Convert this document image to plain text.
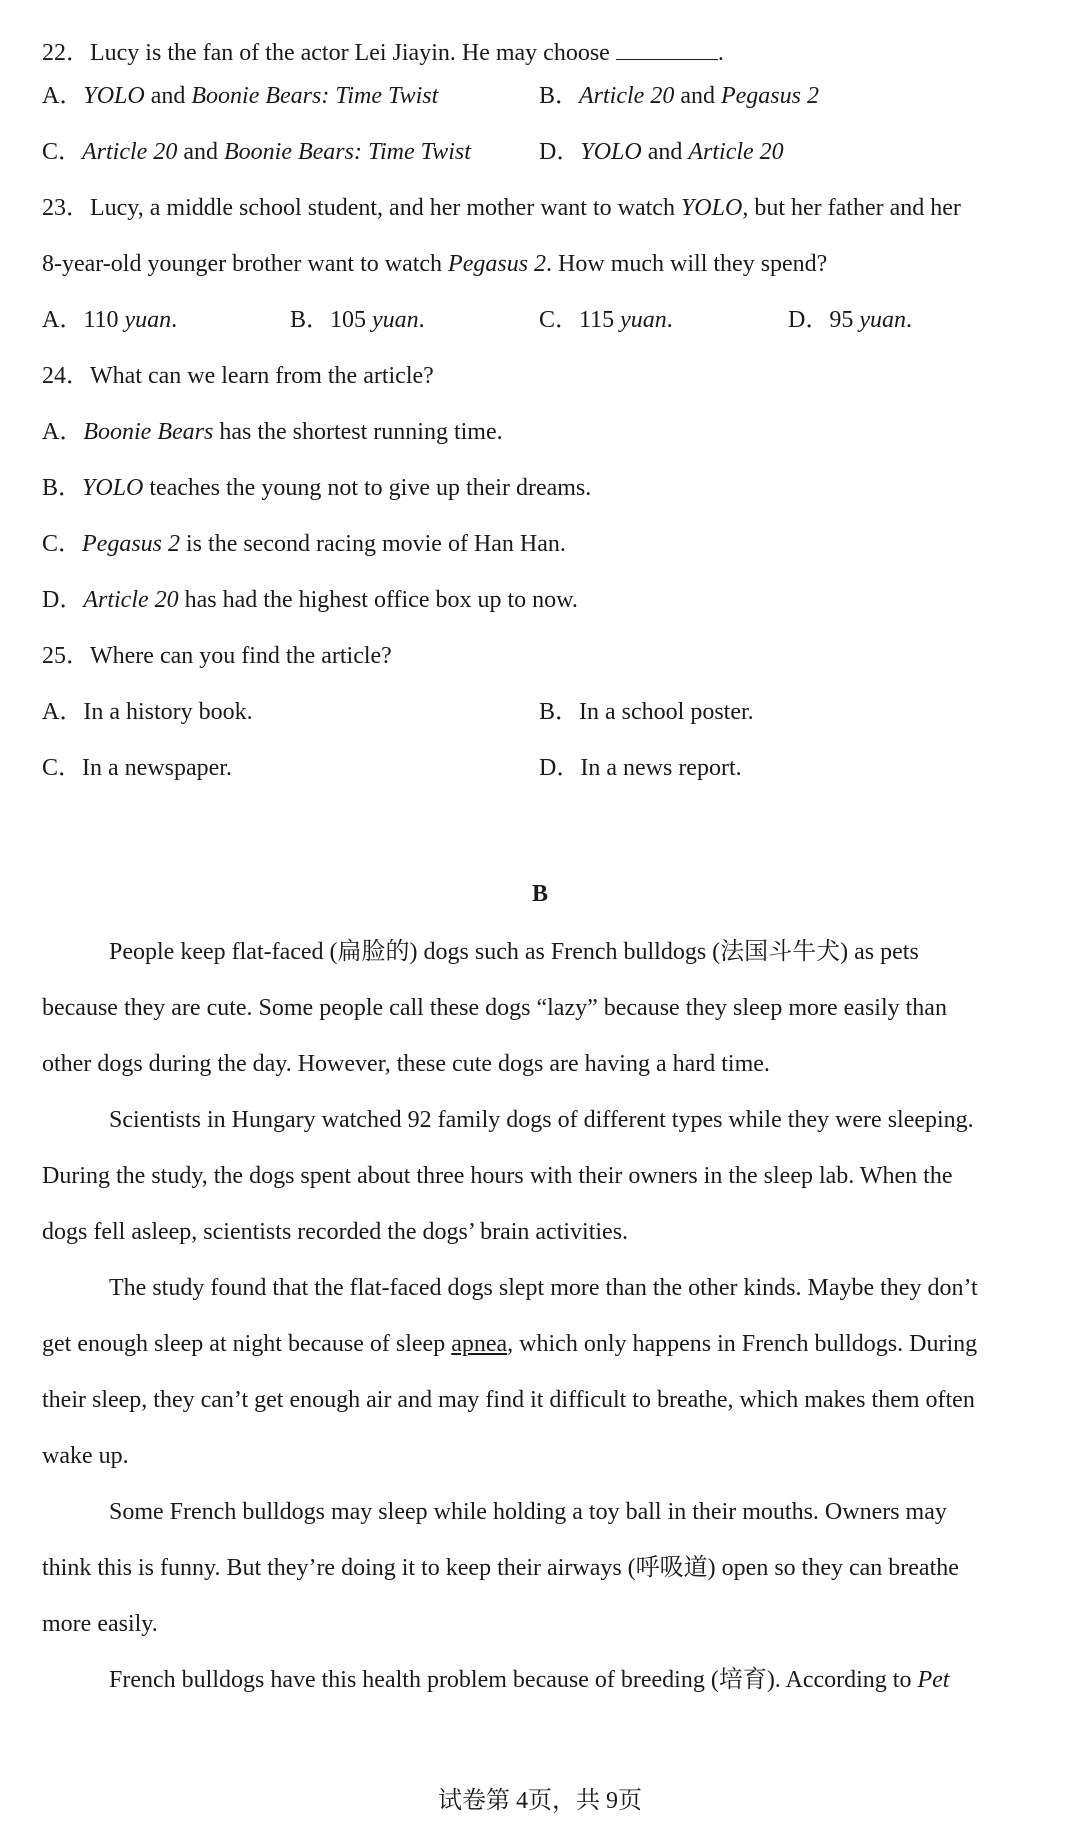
22．Lucy is the fan of the actor Lei Jiayin. He may choose	.
A．YOLO and Boonie Bears: Time Twist	B．Article 20 and Pegasus 2
C．Article 20 and Boonie Bears: Time Twist	D．YOLO and Article 20
23．Lucy, a middle school student, and her mother want to watch YOLO, but her father and her
8-year-old younger brother want to watch Pegasus 2. How much will they spend?
A．110 yuan.	B．105 yuan.	C．115 yuan.	D．95 yuan.
24．What can we learn from the article?
A．Boonie Bears has the shortest running time.
B．YOLO teaches the young not to give up their dreams.
C．Pegasus 2 is the second racing movie of Han Han.
D．Article 20 has had the highest office box up to now.
25．Where can you find the article?
A．In a history book.	B．In a school poster.
C．In a newspaper.	D．In a news report.
B
People keep flat-faced (扁脸的) dogs such as French bulldogs (法国斗牛犬) as pets
because they are cute. Some people call these dogs “lazy” because they sleep more easily than
other dogs during the day. However, these cute dogs are having a hard time.
Scientists in Hungary watched 92 family dogs of different types while they were sleeping.
During the study, the dogs spent about three hours with their owners in the sleep lab. When the
dogs fell asleep, scientists recorded the dogs’ brain activities.
The study found that the flat-faced dogs slept more than the other kinds. Maybe they don’t
get enough sleep at night because of sleep apnea, which only happens in French bulldogs. During
their sleep, they can’t get enough air and may find it difficult to breathe, which makes them often
wake up.
Some French bulldogs may sleep while holding a toy ball in their mouths. Owners may
think this is funny. But they’re doing it to keep their airways (呼吸道) open so they can breathe
more easily.
French bulldogs have this health problem because of breeding (培育). According to Pet
试卷第 4页，共 9页
